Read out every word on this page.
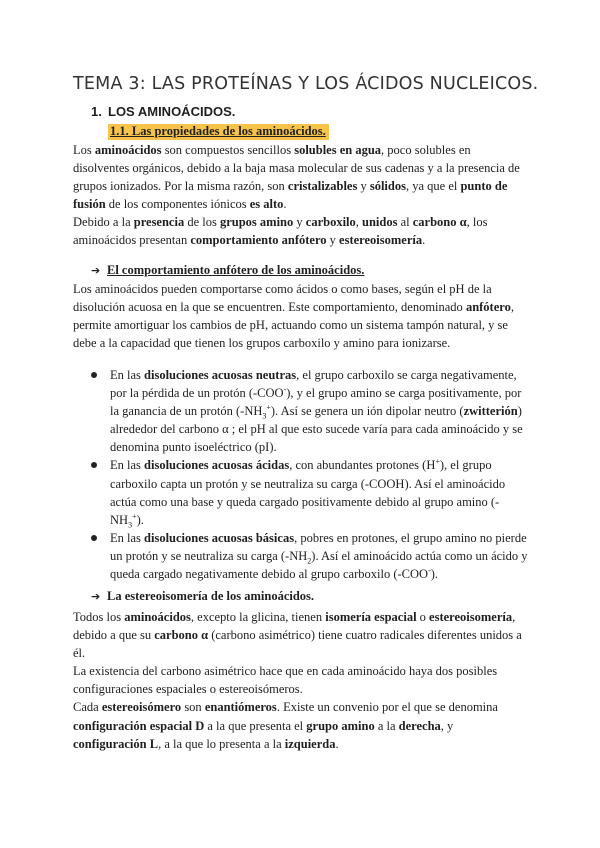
TEMA 3: LAS PROTEÍNAS Y LOS ÁCIDOS NUCLEICOS.
1. LOS AMINOÁCIDOS.
1.1. Las propiedades de los aminoácidos.

Los aminoácidos son compuestos sencillos solubles en agua, poco solubles en disolventes orgánicos, debido a la baja masa molecular de sus cadenas y a la presencia de grupos ionizados. Por la misma razón, son cristalizables y sólidos, ya que el punto de fusión de los componentes iónicos es alto.

Debido a la presencia de los grupos amino y carboxilo, unidos al carbono α, los aminoácidos presentan comportamiento anfótero y estereoisomería.

➔ El comportamiento anfótero de los aminoácidos.

Los aminoácidos pueden comportarse como ácidos o como bases, según el pH de la disolución acuosa en la que se encuentren. Este comportamiento, denominado anfótero, permite amortiguar los cambios de pH, actuando como un sistema tampón natural, y se debe a la capacidad que tienen los grupos carboxilo y amino para ionizarse.

En las disoluciones acuosas neutras, el grupo carboxilo se carga negativamente, por la pérdida de un protón (-COO-), y el grupo amino se carga positivamente, por la ganancia de un protón $(-NH_3^+)$. Así se genera un ión dipolar neutro (zwitterión) alrededor del carbono α ; el pH al que esto sucede varía para cada aminoácido y se denomina punto isoeléctrico (pI).
En las disoluciones acuosas ácidas, con abundantes protones (H+), el grupo carboxilo capta un protón y se neutraliza su carga (-COOH). Así el aminoácido actúa como una base y queda cargado positivamente debido al grupo amino $(-NH_3^+)$.
En las disoluciones acuosas básicas, pobres en protones, el grupo amino no pierde un protón y se neutraliza su carga $(-NH_2)$. Así el aminoácido actúa como un ácido y queda cargado negativamente debido al grupo carboxilo (-COO-).
➔ La estereoisomería de los aminoácidos.

Todos los aminoácidos, excepto la glicina, tienen isomería espacial o estereoisomería, debido a que su carbono α (carbono asimétrico) tiene cuatro radicales diferentes unidos a él.

La existencia del carbono asimétrico hace que en cada aminoácido haya dos posibles configuraciones espaciales o estereoisómeros.

Cada estereoisómero son enantiómeros. Existe un convenio por el que se denomina configuración espacial D a la que presenta el grupo amino a la derecha, y configuración L, a la que lo presenta a la izquierda.
